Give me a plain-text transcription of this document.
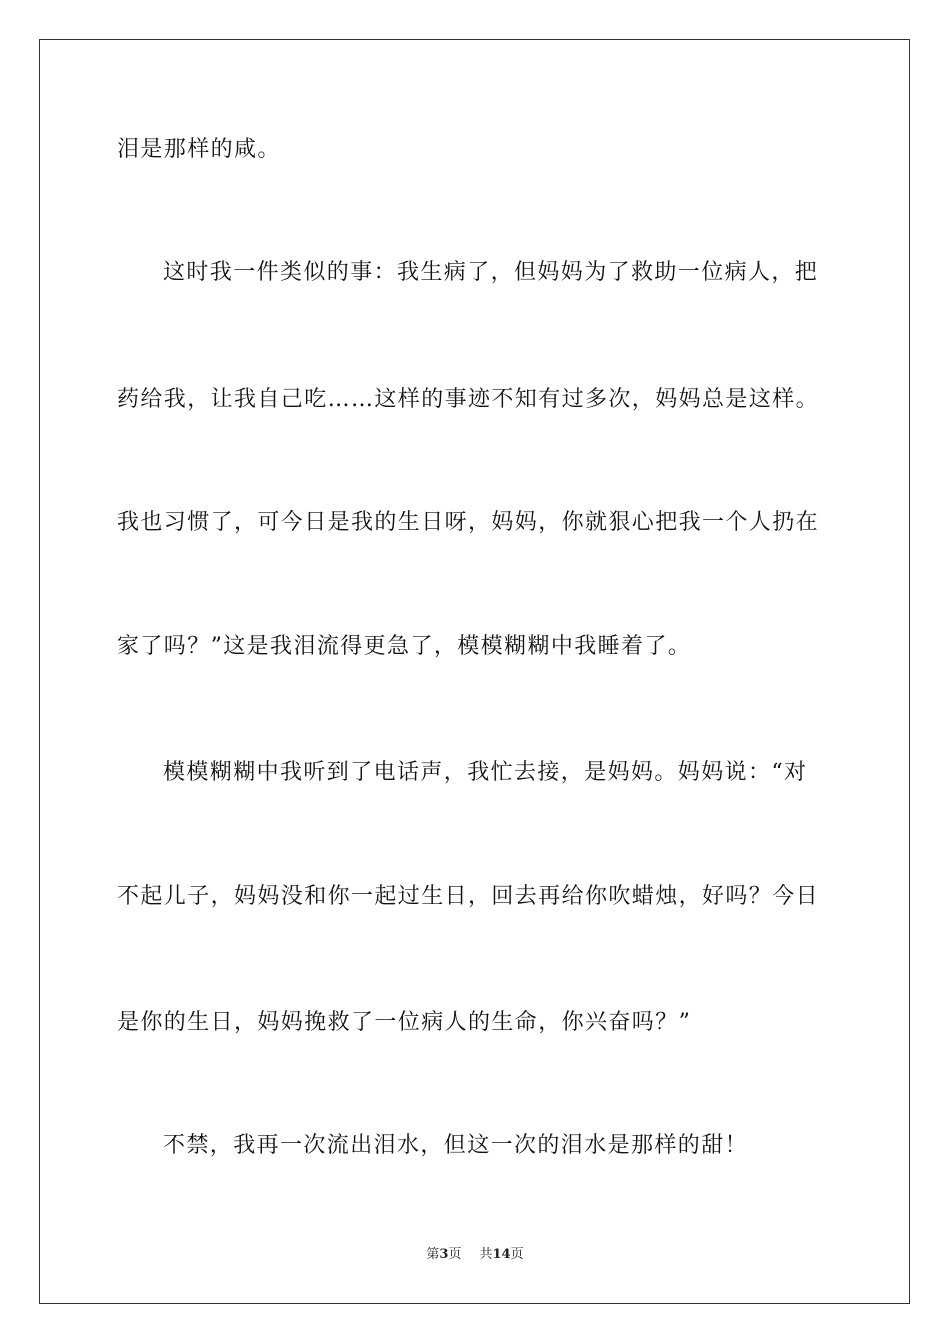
泪是那样的咸。
这时我一件类似的事：我生病了，但妈妈为了救助一位病人，把
药给我，让我自己吃……这样的事迹不知有过多次，妈妈总是这样。
我也习惯了，可今日是我的生日呀，妈妈，你就狠心把我一个人扔在
家了吗？”这是我泪流得更急了，模模糊糊中我睡着了。
模模糊糊中我听到了电话声，我忙去接，是妈妈。妈妈说：“对
不起儿子，妈妈没和你一起过生日，回去再给你吹蜡烛，好吗？今日
是你的生日，妈妈挽救了一位病人的生命，你兴奋吗？”
不禁，我再一次流出泪水，但这一次的泪水是那样的甜！
第3页 共14页
